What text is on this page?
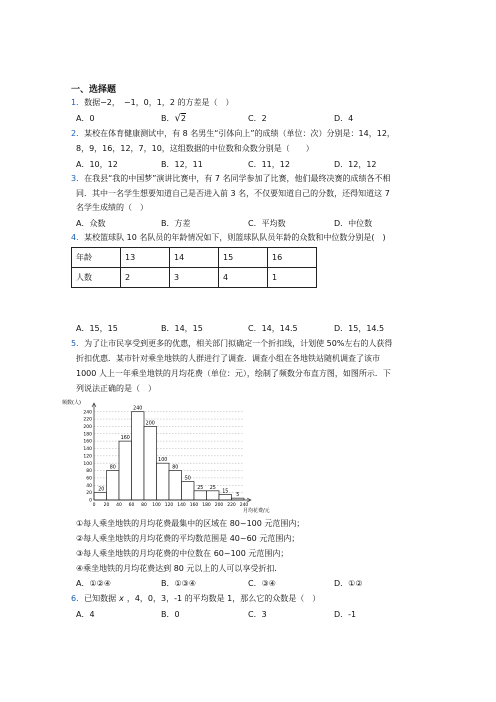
一、选择题
1．数据−2， −1，0，1，2 的方差是（　）
A．0	B．√2	C．2	D．4
2．某校在体育健康测试中，有 8 名男生“引体向上”的成绩（单位：次）分别是：14，12，
8，9，16，12，7，10，这组数据的中位数和众数分别是（　　）
A．10，12	B．12，11	C．11，12	D．12，12
3．在我县“我的中国梦”演讲比赛中，有 7 名同学参加了比赛，他们最终决赛的成绩各不相
同．其中一名学生想要知道自己是否进入前 3 名，不仅要知道自己的分数，还得知道这 7
名学生成绩的（　）
A．众数	B．方差	C．平均数	D．中位数
4．某校篮球队 10 名队员的年龄情况如下，则篮球队队员年龄的众数和中位数分别是(　)
年龄	13	14	15	16
人数	2	3	4	1
A．15，15	B．14，15	C．14，14.5	D．15，14.5
5．为了让市民享受到更多的优惠，相关部门拟确定一个折扣线，计划使 50%左右的人获得
折扣优惠．某市针对乘坐地铁的人群进行了调查．调查小组在各地铁站随机调查了该市
1000 人上一年乘坐地铁的月均花费（单位：元），绘制了频数分布直方图，如图所示．下
列说法正确的是（　）
频数(人)
月均花费/元
20
80
160
240
200
100
80
50
25 25
15
5
0
20
40
60
80
100
120
140
160
180
200
220
240
0 20 40 60 80 100 120 140 160 180 200 220 240
①每人乘坐地铁的月均花费最集中的区域在 80~100 元范围内；
②每人乘坐地铁的月均花费的平均数范围是 40~60 元范围内；
③每人乘坐地铁的月均花费的中位数在 60~100 元范围内；
④乘坐地铁的月均花费达到 80 元以上的人可以享受折扣．
A．①②④	B．①③④	C．③④	D．①②
6．已知数据 x ，4，0，3，-1 的平均数是 1，那么它的众数是（　）
A．4	B．0	C．3	D．-1
